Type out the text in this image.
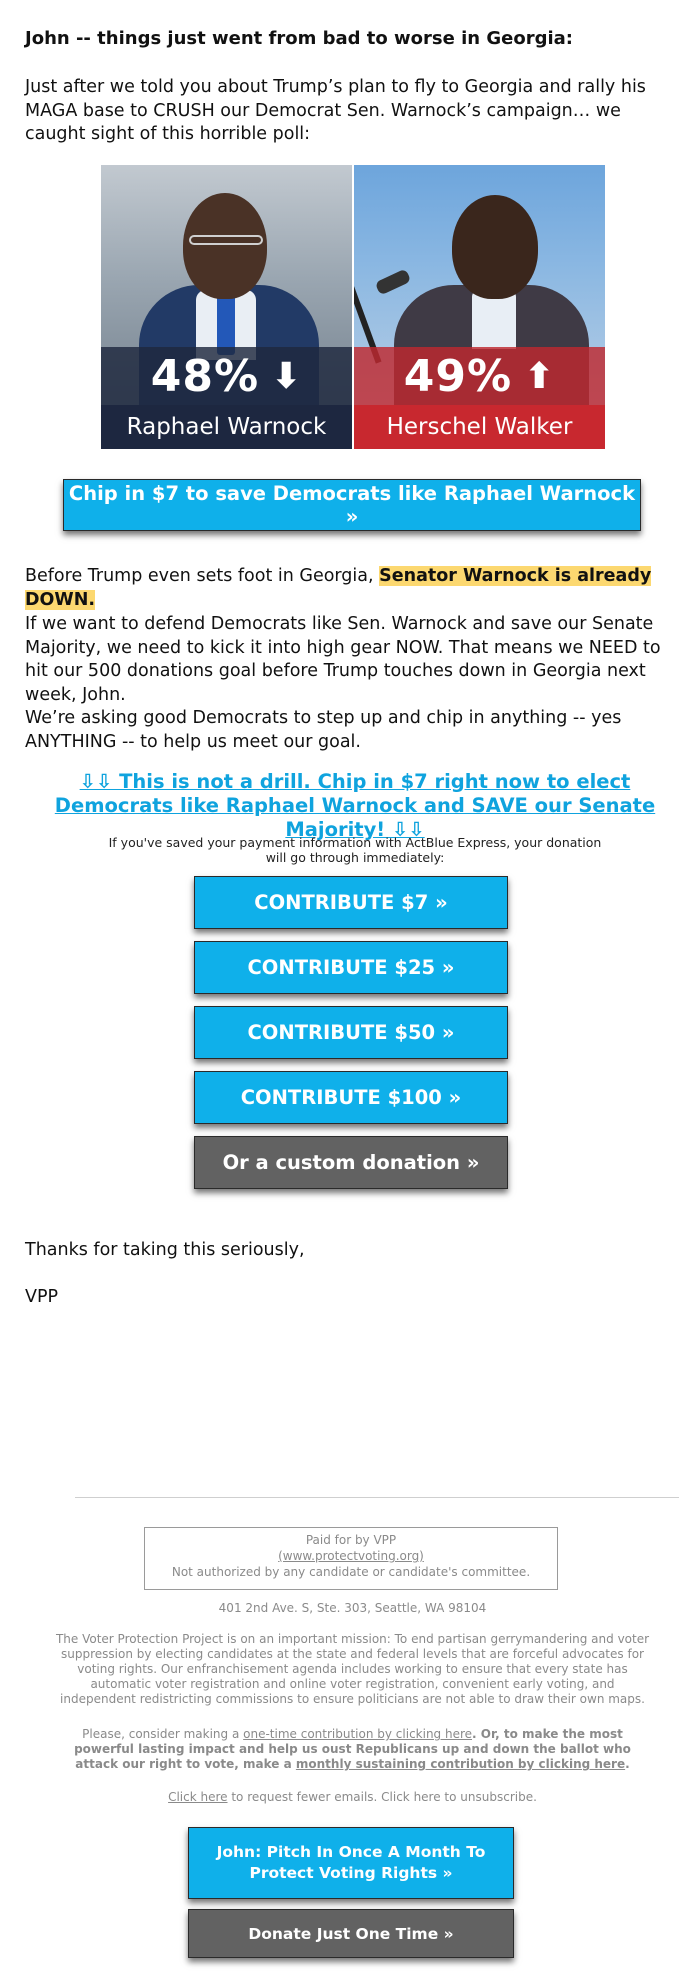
John -- things just went from bad to worse in Georgia:

Just after we told you about Trump’s plan to fly to Georgia and rally his MAGA base to CRUSH our Democrat Sen. Warnock’s campaign… we caught sight of this horrible poll:

48% ⬇
Raphael Warnock
49% ⬆
Herschel Walker
Chip in $7 to save Democrats like Raphael Warnock »

Before Trump even sets foot in Georgia, Senator Warnock is already DOWN.

If we want to defend Democrats like Sen. Warnock and save our Senate Majority, we need to kick it into high gear NOW. That means we NEED to hit our 500 donations goal before Trump touches down in Georgia next week, John.

We’re asking good Democrats to step up and chip in anything -- yes ANYTHING -- to help us meet our goal.

⇩⇩ This is not a drill. Chip in $7 right now to elect Democrats like Raphael Warnock and SAVE our Senate Majority! ⇩⇩
If you've saved your payment information with ActBlue Express, your donation
will go through immediately:
CONTRIBUTE $7 »
CONTRIBUTE $25 »
CONTRIBUTE $50 »
CONTRIBUTE $100 »
Or a custom donation »

Thanks for taking this seriously,

VPP

Paid for by VPP
(www.protectvoting.org)
Not authorized by any candidate or candidate's committee.
401 2nd Ave. S, Ste. 303, Seattle, WA 98104
The Voter Protection Project is on an important mission: To end partisan gerrymandering and voter suppression by electing candidates at the state and federal levels that are forceful advocates for voting rights. Our enfranchisement agenda includes working to ensure that every state has automatic voter registration and online voter registration, convenient early voting, and independent redistricting commissions to ensure politicians are not able to draw their own maps.
Please, consider making a one-time contribution by clicking here. Or, to make the most powerful lasting impact and help us oust Republicans up and down the ballot who attack our right to vote, make a monthly sustaining contribution by clicking here.
Click here to request fewer emails. Click here to unsubscribe.
John: Pitch In Once A Month To Protect Voting Rights »
Donate Just One Time »
